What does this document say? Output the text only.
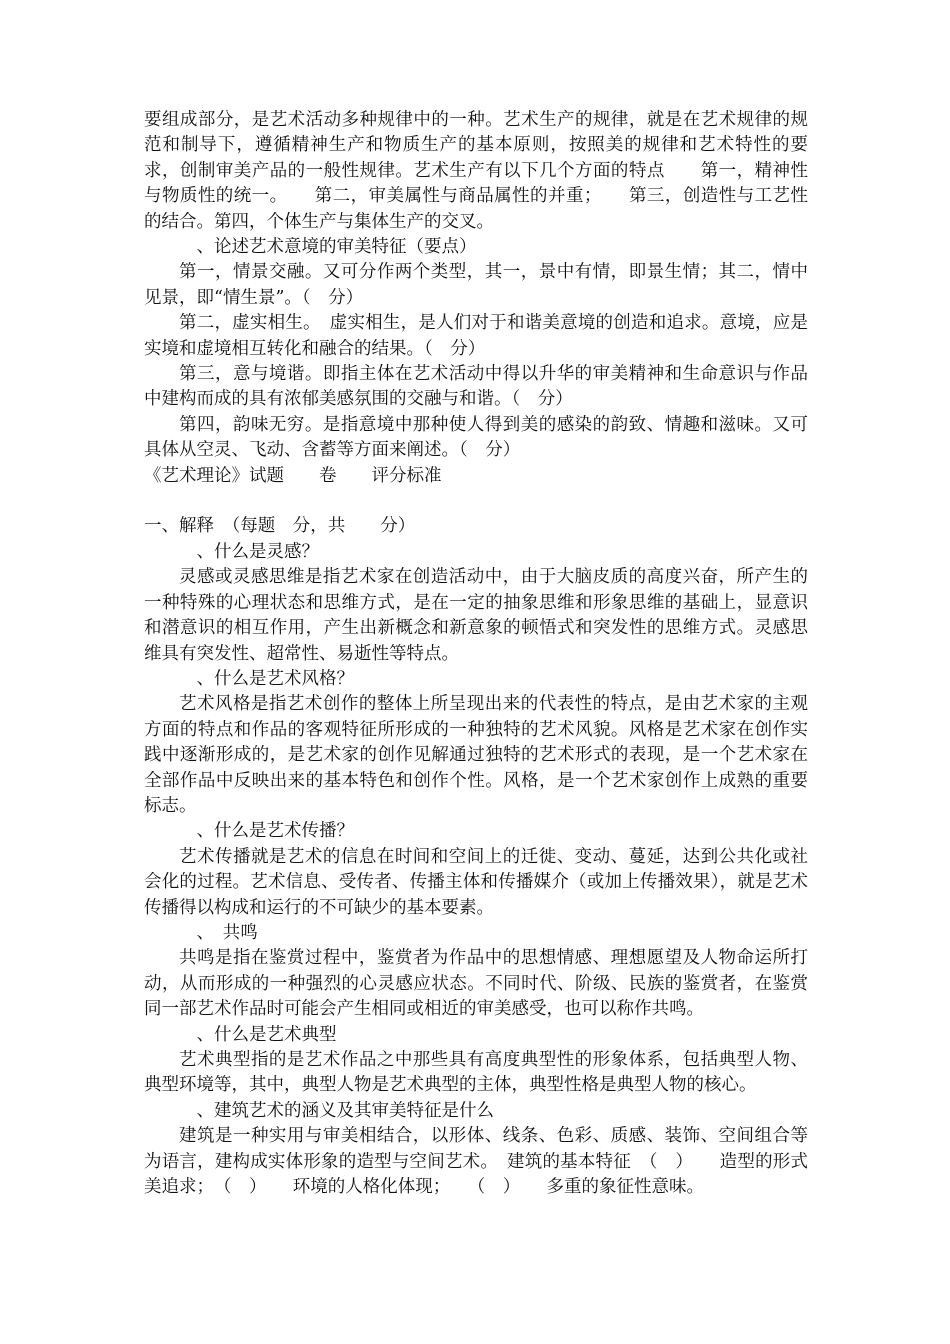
要组成部分，是艺术活动多种规律中的一种。艺术生产的规律，就是在艺术规律的规范和制导下，遵循精神生产和物质生产的基本原则，按照美的规律和艺术特性的要求，创制审美产品的一般性规律。艺术生产有以下几个方面的特点　　第一，精神性与物质性的统一。　　第二，审美属性与商品属性的并重；　　第三，创造性与工艺性的结合。第四，个体生产与集体生产的交叉。

　、论述艺术意境的审美特征（要点）

第一，情景交融。又可分作两个类型，其一，景中有情，即景生情；其二，情中见景，即“情生景”。（　分）

第二，虚实相生。　虚实相生，是人们对于和谐美意境的创造和追求。意境，应是实境和虚境相互转化和融合的结果。（　分）

第三，意与境谐。即指主体在艺术活动中得以升华的审美精神和生命意识与作品中建构而成的具有浓郁美感氛围的交融与和谐。（　分）

第四，韵味无穷。是指意境中那种使人得到美的感染的韵致、情趣和滋味。又可具体从空灵、飞动、含蓄等方面来阐述。（　分）

《艺术理论》试题　　卷　　评分标准

一、解释　（每题　分，共　　分）

　、什么是灵感？

灵感或灵感思维是指艺术家在创造活动中，由于大脑皮质的高度兴奋，所产生的一种特殊的心理状态和思维方式，是在一定的抽象思维和形象思维的基础上，显意识和潜意识的相互作用，产生出新概念和新意象的顿悟式和突发性的思维方式。灵感思维具有突发性、超常性、易逝性等特点。

　、什么是艺术风格？

艺术风格是指艺术创作的整体上所呈现出来的代表性的特点，是由艺术家的主观方面的特点和作品的客观特征所形成的一种独特的艺术风貌。风格是艺术家在创作实践中逐渐形成的，是艺术家的创作见解通过独特的艺术形式的表现，是一个艺术家在全部作品中反映出来的基本特色和创作个性。风格，是一个艺术家创作上成熟的重要标志。

　、什么是艺术传播？

艺术传播就是艺术的信息在时间和空间上的迁徙、变动、蔓延，达到公共化或社会化的过程。艺术信息、受传者、传播主体和传播媒介（或加上传播效果），就是艺术传播得以构成和运行的不可缺少的基本要素。

　、　共鸣

共鸣是指在鉴赏过程中，鉴赏者为作品中的思想情感、理想愿望及人物命运所打动，从而形成的一种强烈的心灵感应状态。不同时代、阶级、民族的鉴赏者，在鉴赏同一部艺术作品时可能会产生相同或相近的审美感受，也可以称作共鸣。

　、什么是艺术典型

艺术典型指的是艺术作品之中那些具有高度典型性的形象体系，包括典型人物、典型环境等，其中，典型人物是艺术典型的主体，典型性格是典型人物的核心。

　、建筑艺术的涵义及其审美特征是什么

建筑是一种实用与审美相结合，以形体、线条、色彩、质感、装饰、空间组合等为语言，建构成实体形象的造型与空间艺术。　建筑的基本特征　（　）　　造型的形式美追求；　（　）　　环境的人格化体现；　　（　）　　多重的象征性意味。
